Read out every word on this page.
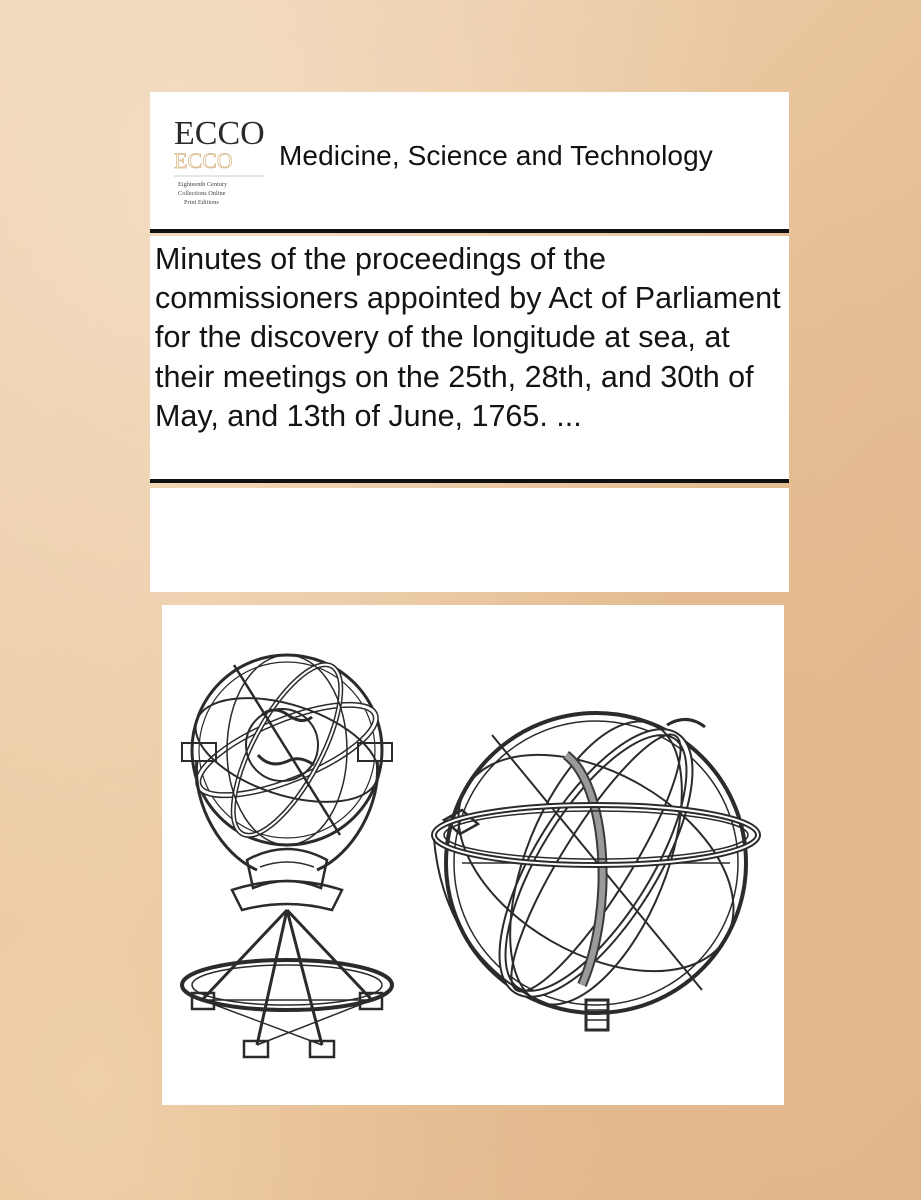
ECCO
ECCO
Eighteenth Century
Collections Online
Print Editions
Medicine, Science and Technology
Minutes of the proceedings of the commissioners appointed by Act of Parliament for the discovery of the longitude at sea, at their meetings on the 25th, 28th, and 30th of May, and 13th of June, 1765. ...
